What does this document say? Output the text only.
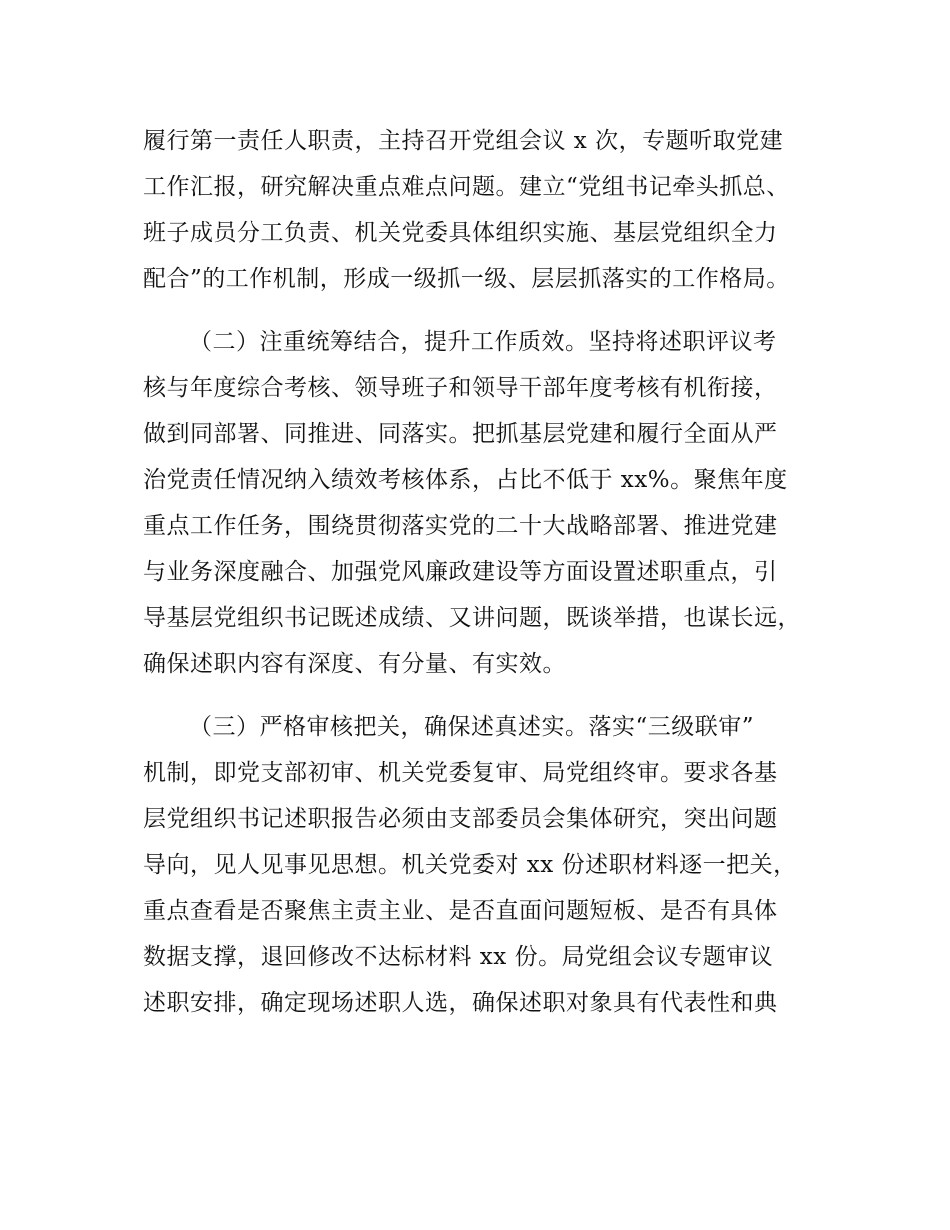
履行第一责任人职责，主持召开党组会议 x 次，专题听取党建
工作汇报，研究解决重点难点问题。建立“党组书记牵头抓总、
班子成员分工负责、机关党委具体组织实施、基层党组织全力
配合”的工作机制，形成一级抓一级、层层抓落实的工作格局。
（二）注重统筹结合，提升工作质效。坚持将述职评议考
核与年度综合考核、领导班子和领导干部年度考核有机衔接，
做到同部署、同推进、同落实。把抓基层党建和履行全面从严
治党责任情况纳入绩效考核体系，占比不低于 xx%。聚焦年度
重点工作任务，围绕贯彻落实党的二十大战略部署、推进党建
与业务深度融合、加强党风廉政建设等方面设置述职重点，引
导基层党组织书记既述成绩、又讲问题，既谈举措，也谋长远，
确保述职内容有深度、有分量、有实效。
（三）严格审核把关，确保述真述实。落实“三级联审”
机制，即党支部初审、机关党委复审、局党组终审。要求各基
层党组织书记述职报告必须由支部委员会集体研究，突出问题
导向，见人见事见思想。机关党委对 xx 份述职材料逐一把关，
重点查看是否聚焦主责主业、是否直面问题短板、是否有具体
数据支撑，退回修改不达标材料 xx 份。局党组会议专题审议
述职安排，确定现场述职人选，确保述职对象具有代表性和典
